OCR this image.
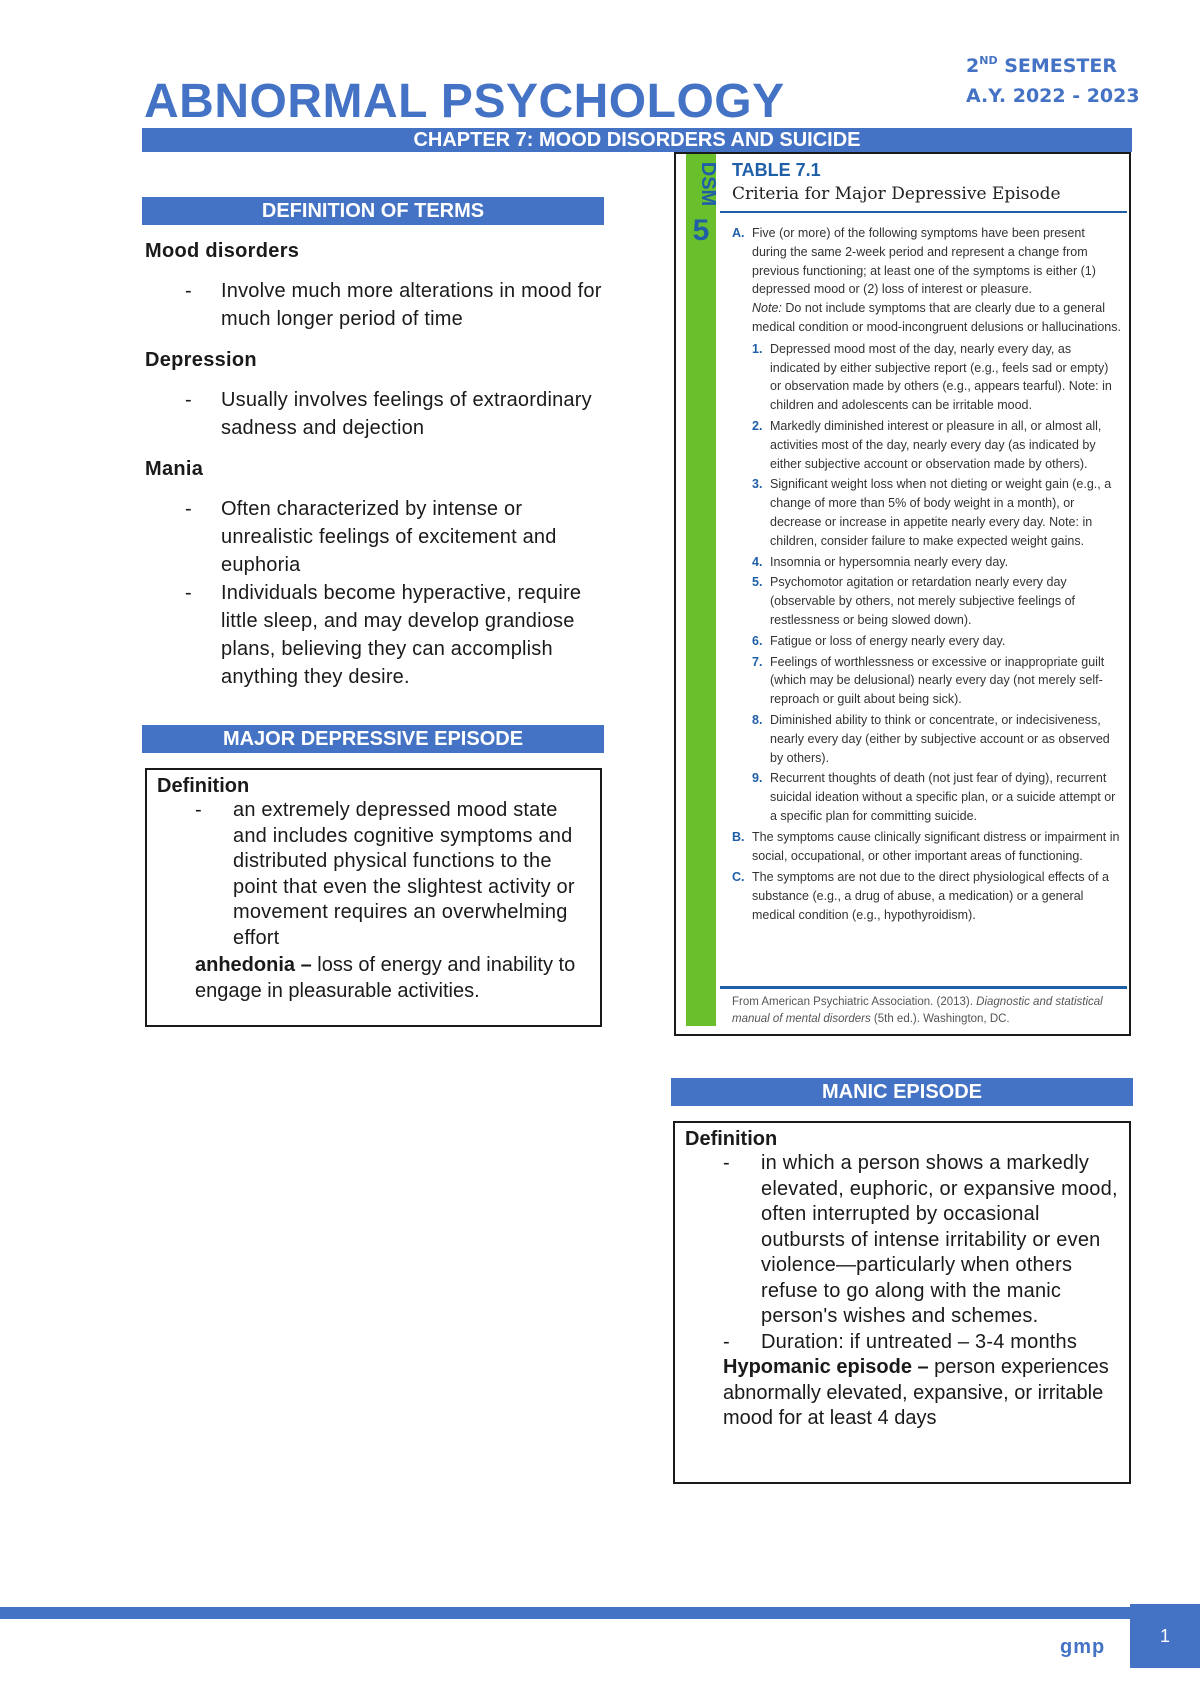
2ND SEMESTER
A.Y. 2022 - 2023
ABNORMAL PSYCHOLOGY
CHAPTER 7: MOOD DISORDERS AND SUICIDE
DEFINITION OF TERMS
Mood disorders
- Involve much more alterations in mood for much longer period of time
Depression
- Usually involves feelings of extraordinary sadness and dejection
Mania
- Often characterized by intense or unrealistic feelings of excitement and euphoria
- Individuals become hyperactive, require little sleep, and may develop grandiose plans, believing they can accomplish anything they desire.
MAJOR DEPRESSIVE EPISODE
Definition
- an extremely depressed mood state and includes cognitive symptoms and distributed physical functions to the point that even the slightest activity or movement requires an overwhelming effort
anhedonia – loss of energy and inability to engage in pleasurable activities.
DSM
5
TABLE 7.1
Criteria for Major Depressive Episode
A. Five (or more) of the following symptoms have been present during the same 2-week period and represent a change from previous functioning; at least one of the symptoms is either (1) depressed mood or (2) loss of interest or pleasure.
Note: Do not include symptoms that are clearly due to a general medical condition or mood-incongruent delusions or hallucinations.
1. Depressed mood most of the day, nearly every day, as indicated by either subjective report (e.g., feels sad or empty) or observation made by others (e.g., appears tearful). Note: in children and adolescents can be irritable mood.
2. Markedly diminished interest or pleasure in all, or almost all, activities most of the day, nearly every day (as indicated by either subjective account or observation made by others).
3. Significant weight loss when not dieting or weight gain (e.g., a change of more than 5% of body weight in a month), or decrease or increase in appetite nearly every day. Note: in children, consider failure to make expected weight gains.
4. Insomnia or hypersomnia nearly every day.
5. Psychomotor agitation or retardation nearly every day (observable by others, not merely subjective feelings of restlessness or being slowed down).
6. Fatigue or loss of energy nearly every day.
7. Feelings of worthlessness or excessive or inappropriate guilt (which may be delusional) nearly every day (not merely self-reproach or guilt about being sick).
8. Diminished ability to think or concentrate, or indecisiveness, nearly every day (either by subjective account or as observed by others).
9. Recurrent thoughts of death (not just fear of dying), recurrent suicidal ideation without a specific plan, or a suicide attempt or a specific plan for committing suicide.
B. The symptoms cause clinically significant distress or impairment in social, occupational, or other important areas of functioning.
C. The symptoms are not due to the direct physiological effects of a substance (e.g., a drug of abuse, a medication) or a general medical condition (e.g., hypothyroidism).
From American Psychiatric Association. (2013). Diagnostic and statistical manual of mental disorders (5th ed.). Washington, DC.
MANIC EPISODE
Definition
- in which a person shows a markedly elevated, euphoric, or expansive mood, often interrupted by occasional outbursts of intense irritability or even violence—particularly when others refuse to go along with the manic person's wishes and schemes.
- Duration: if untreated – 3-4 months
Hypomanic episode – person experiences abnormally elevated, expansive, or irritable mood for at least 4 days
gmp	1
